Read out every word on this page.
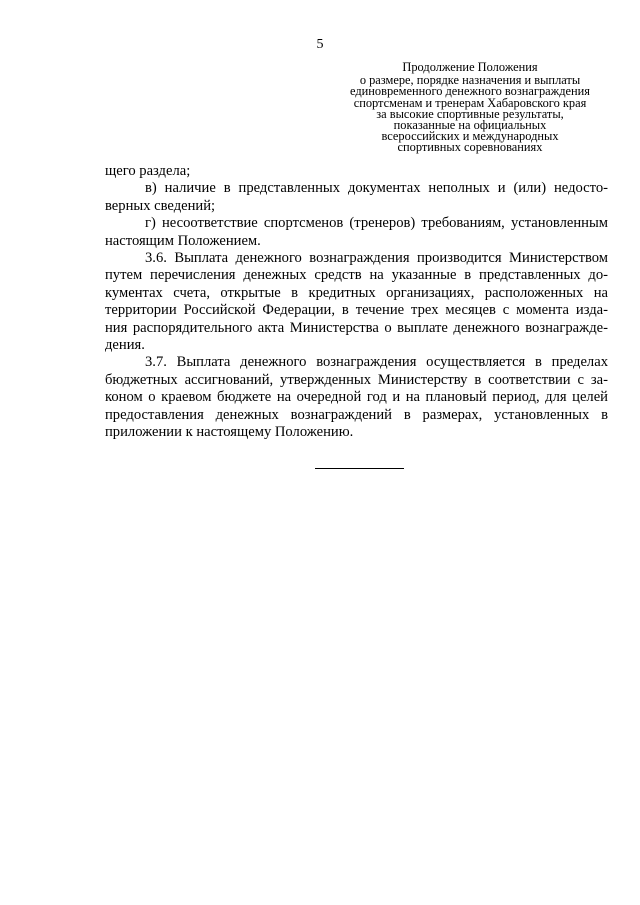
5
Продолжение Положения
о размере, порядке назначения и выплаты
единовременного денежного вознаграждения
спортсменам и тренерам Хабаровского края
за высокие спортивные результаты,
показанные на официальных
всероссийских и международных
спортивных соревнованиях

щего раздела;

в) наличие в представленных документах неполных и (или) недосто-

верных сведений;

г) несоответствие спортсменов (тренеров) требованиям, установленным

настоящим Положением.

3.6. Выплата денежного вознаграждения производится Министерством

путем перечисления денежных средств на указанные в представленных до-

кументах счета, открытые в кредитных организациях, расположенных на

территории Российской Федерации, в течение трех месяцев с момента изда-

ния распорядительного акта Министерства о выплате денежного вознагражде-

дения.

3.7. Выплата денежного вознаграждения осуществляется в пределах

бюджетных ассигнований, утвержденных Министерству в соответствии с за-

коном о краевом бюджете на очередной год и на плановый период, для целей

предоставления денежных вознаграждений в размерах, установленных в

приложении к настоящему Положению.
